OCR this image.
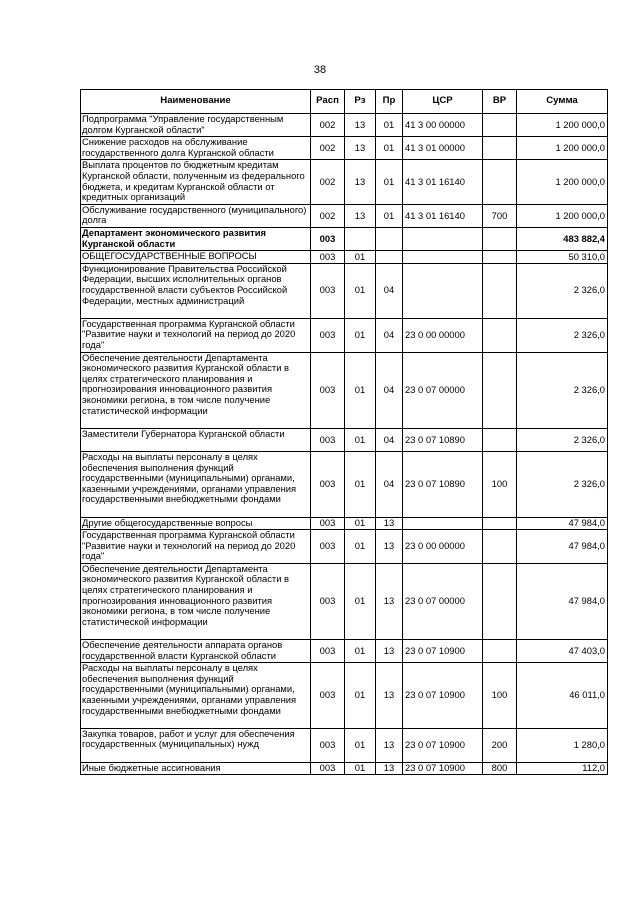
38
Наименование	Расп	Рз	Пр	ЦСР	ВР	Сумма
Подпрограмма "Управление государственным долгом Курганской области"	002	13	01	41 3 00 00000		1 200 000,0
Снижение расходов на обслуживание государственного долга Курганской области	002	13	01	41 3 01 00000		1 200 000,0
Выплата процентов по бюджетным кредитам Курганской области, полученным из федерального бюджета, и кредитам Курганской области от кредитных организаций	002	13	01	41 3 01 16140		1 200 000,0
Обслуживание государственного (муниципального) долга	002	13	01	41 3 01 16140	700	1 200 000,0
Департамент экономического развития Курганской области	003					483 882,4
ОБЩЕГОСУДАРСТВЕННЫЕ ВОПРОСЫ	003	01				50 310,0
Функционирование Правительства Российской Федерации, высших исполнительных органов государственной власти субъектов Российской Федерации, местных администраций	003	01	04			2 326,0
Государственная программа Курганской области "Развитие науки и технологий на период до 2020 года"	003	01	04	23 0 00 00000		2 326,0
Обеспечение деятельности Департамента экономического развития Курганской области в целях стратегического планирования и прогнозирования инновационного развития экономики региона, в том числе получение статистической информации	003	01	04	23 0 07 00000		2 326,0
Заместители Губернатора Курганской области	003	01	04	23 0 07 10890		2 326,0
Расходы на выплаты персоналу в целях обеспечения выполнения функций государственными (муниципальными) органами, казенными учреждениями, органами управления государственными внебюджетными фондами	003	01	04	23 0 07 10890	100	2 326,0
Другие общегосударственные вопросы	003	01	13			47 984,0
Государственная программа Курганской области "Развитие науки и технологий на период до 2020 года"	003	01	13	23 0 00 00000		47 984,0
Обеспечение деятельности Департамента экономического развития Курганской области в целях стратегического планирования и прогнозирования инновационного развития экономики региона, в том числе получение статистической информации	003	01	13	23 0 07 00000		47 984,0
Обеспечение деятельности аппарата органов государственной власти Курганской области	003	01	13	23 0 07 10900		47 403,0
Расходы на выплаты персоналу в целях обеспечения выполнения функций государственными (муниципальными) органами, казенными учреждениями, органами управления государственными внебюджетными фондами	003	01	13	23 0 07 10900	100	46 011,0
Закупка товаров, работ и услуг для обеспечения государственных (муниципальных) нужд	003	01	13	23 0 07 10900	200	1 280,0
Иные бюджетные ассигнования	003	01	13	23 0 07 10900	800	112,0
